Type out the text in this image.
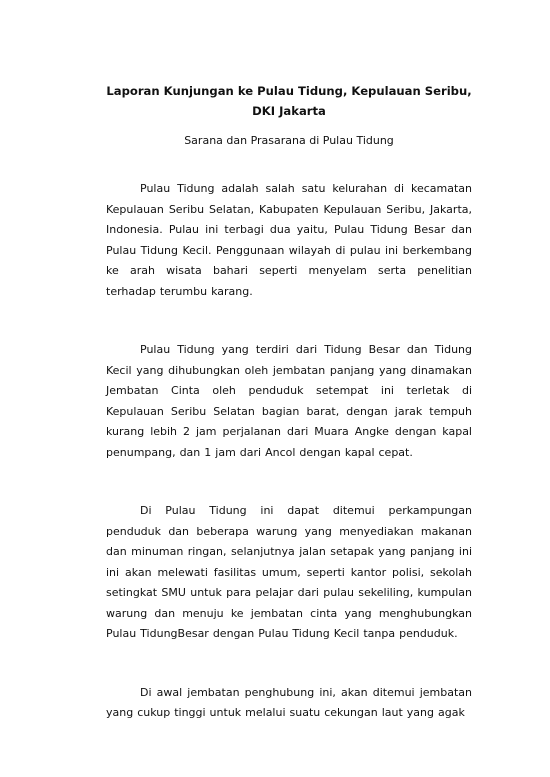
Laporan Kunjungan ke Pulau Tidung, Kepulauan Seribu,
DKI Jakarta
Sarana dan Prasarana di Pulau Tidung

Pulau Tidung adalah salah satu kelurahan di kecamatan Kepulauan Seribu Selatan, Kabupaten Kepulauan Seribu, Jakarta, Indonesia. Pulau ini terbagi dua yaitu, Pulau Tidung Besar dan Pulau Tidung Kecil. Penggunaan wilayah di pulau ini berkembang ke arah wisata bahari seperti menyelam serta penelitian terhadap terumbu karang.

Pulau Tidung yang terdiri dari Tidung Besar dan Tidung Kecil yang dihubungkan oleh jembatan panjang yang dinamakan Jembatan Cinta oleh penduduk setempat ini terletak di Kepulauan Seribu Selatan bagian barat, dengan jarak tempuh kurang lebih 2 jam perjalanan dari Muara Angke dengan kapal penumpang, dan 1 jam dari Ancol dengan kapal cepat.

Di Pulau Tidung ini dapat ditemui perkampungan penduduk dan beberapa warung yang menyediakan makanan dan minuman ringan, selanjutnya jalan setapak yang panjang ini ini akan melewati fasilitas umum, seperti kantor polisi, sekolah setingkat SMU untuk para pelajar dari pulau sekeliling, kumpulan warung dan menuju ke jembatan cinta yang menghubungkan Pulau TidungBesar dengan Pulau Tidung Kecil tanpa penduduk.

Di awal jembatan penghubung ini, akan ditemui jembatan yang cukup tinggi untuk melalui suatu cekungan laut yang agak
